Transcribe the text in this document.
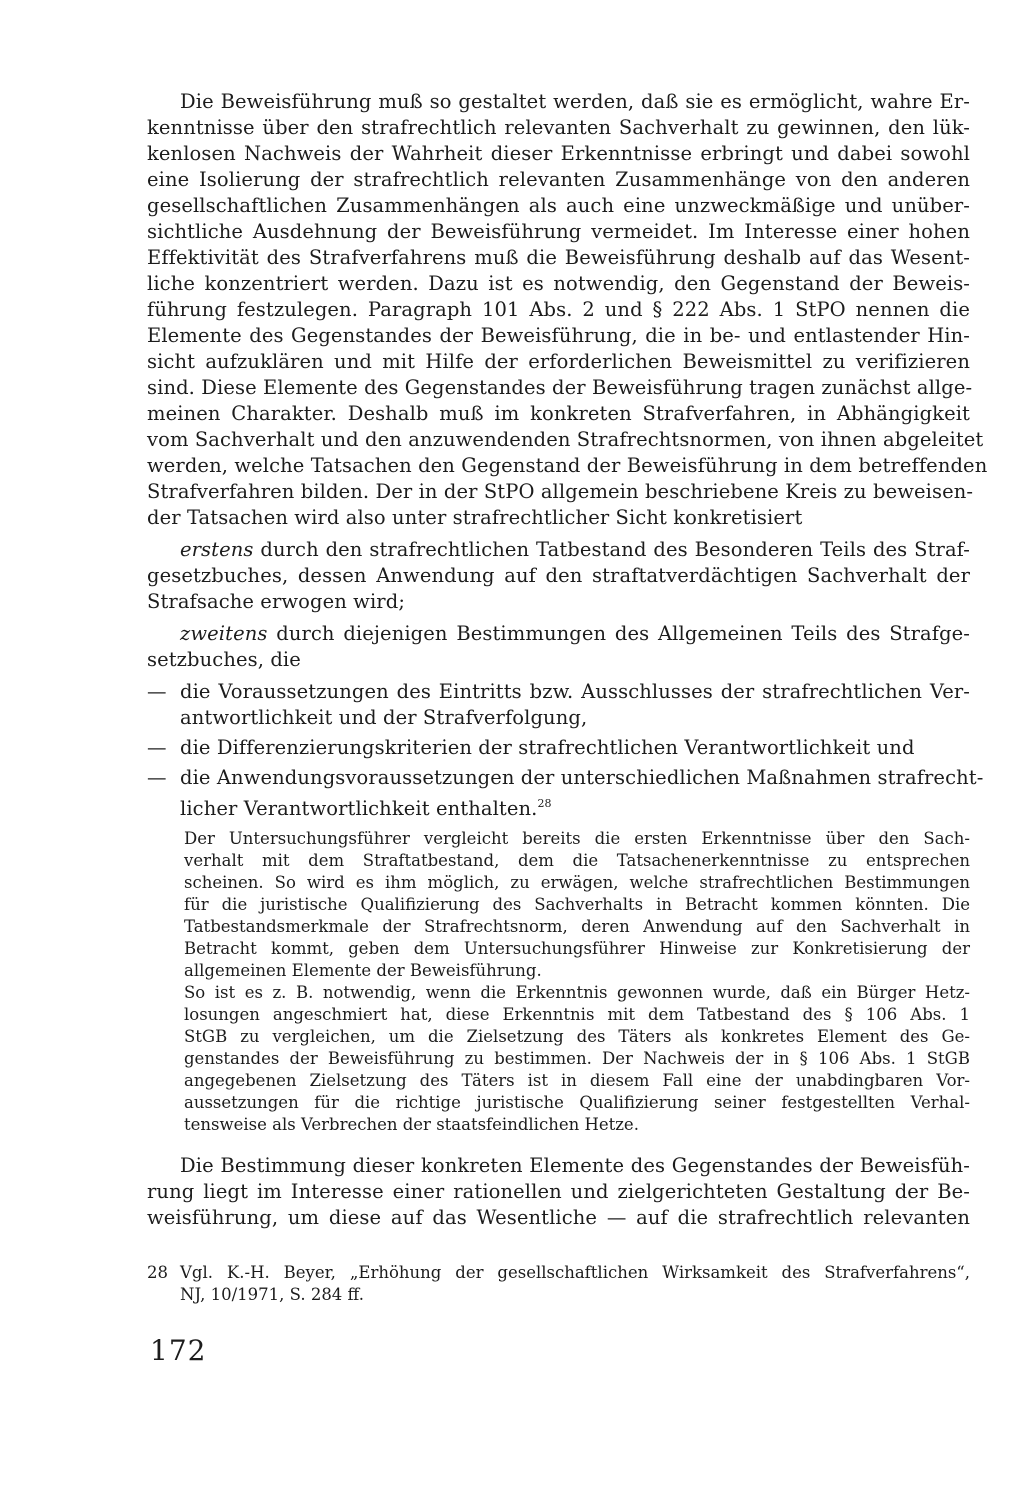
Die Beweisführung muß so gestaltet werden, daß sie es ermöglicht, wahre Er-
kenntnisse über den strafrechtlich relevanten Sachverhalt zu gewinnen, den lük-
kenlosen Nachweis der Wahrheit dieser Erkenntnisse erbringt und dabei sowohl
eine Isolierung der strafrechtlich relevanten Zusammenhänge von den anderen
gesellschaftlichen Zusammenhängen als auch eine unzweckmäßige und unüber-
sichtliche Ausdehnung der Beweisführung vermeidet. Im Interesse einer hohen
Effektivität des Strafverfahrens muß die Beweisführung deshalb auf das Wesent-
liche konzentriert werden. Dazu ist es notwendig, den Gegenstand der Beweis-
führung festzulegen. Paragraph 101 Abs. 2 und § 222 Abs. 1 StPO nennen die
Elemente des Gegenstandes der Beweisführung, die in be- und entlastender Hin-
sicht aufzuklären und mit Hilfe der erforderlichen Beweismittel zu verifizieren
sind. Diese Elemente des Gegenstandes der Beweisführung tragen zunächst allge-
meinen Charakter. Deshalb muß im konkreten Strafverfahren, in Abhängigkeit
vom Sachverhalt und den anzuwendenden Strafrechtsnormen, von ihnen abgeleitet
werden, welche Tatsachen den Gegenstand der Beweisführung in dem betreffenden
Strafverfahren bilden. Der in der StPO allgemein beschriebene Kreis zu beweisen-
der Tatsachen wird also unter strafrechtlicher Sicht konkretisiert
erstens durch den strafrechtlichen Tatbestand des Besonderen Teils des Straf-
gesetzbuches, dessen Anwendung auf den straftatverdächtigen Sachverhalt der
Strafsache erwogen wird;
zweitens durch diejenigen Bestimmungen des Allgemeinen Teils des Strafge-
setzbuches, die
— die Voraussetzungen des Eintritts bzw. Ausschlusses der strafrechtlichen Ver-
antwortlichkeit und der Strafverfolgung,
— die Differenzierungskriterien der strafrechtlichen Verantwortlichkeit und
— die Anwendungsvoraussetzungen der unterschiedlichen Maßnahmen strafrecht-
licher Verantwortlichkeit enthalten.$^{28}$
Der Untersuchungsführer vergleicht bereits die ersten Erkenntnisse über den Sach-
verhalt mit dem Straftatbestand, dem die Tatsachenerkenntnisse zu entsprechen
scheinen. So wird es ihm möglich, zu erwägen, welche strafrechtlichen Bestimmungen
für die juristische Qualifizierung des Sachverhalts in Betracht kommen könnten. Die
Tatbestandsmerkmale der Strafrechtsnorm, deren Anwendung auf den Sachverhalt in
Betracht kommt, geben dem Untersuchungsführer Hinweise zur Konkretisierung der
allgemeinen Elemente der Beweisführung.
So ist es z. B. notwendig, wenn die Erkenntnis gewonnen wurde, daß ein Bürger Hetz-
losungen angeschmiert hat, diese Erkenntnis mit dem Tatbestand des § 106 Abs. 1
StGB zu vergleichen, um die Zielsetzung des Täters als konkretes Element des Ge-
genstandes der Beweisführung zu bestimmen. Der Nachweis der in § 106 Abs. 1 StGB
angegebenen Zielsetzung des Täters ist in diesem Fall eine der unabdingbaren Vor-
aussetzungen für die richtige juristische Qualifizierung seiner festgestellten Verhal-
tensweise als Verbrechen der staatsfeindlichen Hetze.
Die Bestimmung dieser konkreten Elemente des Gegenstandes der Beweisfüh-
rung liegt im Interesse einer rationellen und zielgerichteten Gestaltung der Be-
weisführung, um diese auf das Wesentliche — auf die strafrechtlich relevanten
28 Vgl. K.-H. Beyer, „Erhöhung der gesellschaftlichen Wirksamkeit des Strafverfahrens“,
NJ, 10/1971, S. 284 ff.
172
